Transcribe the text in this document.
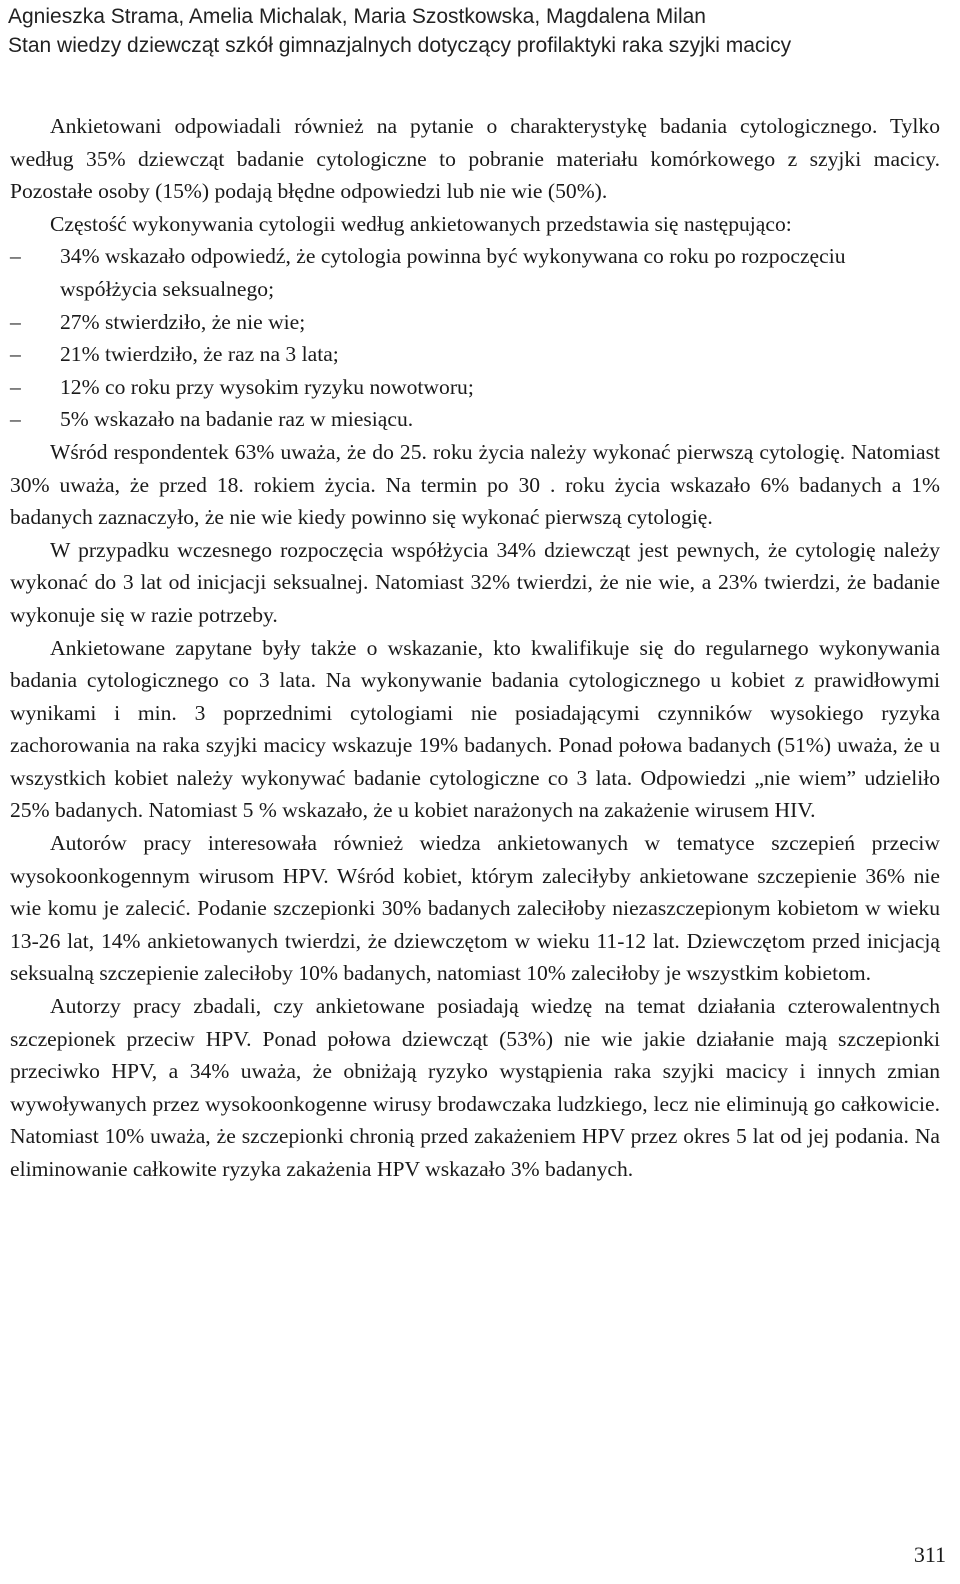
Agnieszka Strama, Amelia Michalak, Maria Szostkowska, Magdalena Milan
Stan wiedzy dziewcząt szkół gimnazjalnych dotyczący profilaktyki raka szyjki macicy

Ankietowani odpowiadali również na pytanie o charakterystykę badania cytologicznego. Tylko według 35% dziewcząt badanie cytologiczne to pobranie materiału komórkowego z szyjki macicy. Pozostałe osoby (15%) podają błędne odpowiedzi lub nie wie (50%).

Częstość wykonywania cytologii według ankietowanych przedstawia się następująco:

–	34% wskazało odpowiedź, że cytologia powinna być wykonywana co roku po rozpoczęciu współżycia seksualnego;
–	27% stwierdziło, że nie wie;
–	21% twierdziło, że raz na 3 lata;
–	12% co roku przy wysokim ryzyku nowotworu;
–	5% wskazało na badanie raz w miesiącu.

Wśród respondentek 63% uważa, że do 25. roku życia należy wykonać pierwszą cytologię. Natomiast 30% uważa, że przed 18. rokiem życia. Na termin po 30 . roku życia wskazało 6% badanych a 1% badanych zaznaczyło, że nie wie kiedy powinno się wykonać pierwszą cytologię.

W przypadku wczesnego rozpoczęcia współżycia 34% dziewcząt jest pewnych, że cytologię należy wykonać do 3 lat od inicjacji seksualnej. Natomiast 32% twierdzi, że nie wie, a 23% twierdzi, że badanie wykonuje się w razie potrzeby.

Ankietowane zapytane były także o wskazanie, kto kwalifikuje się do regularnego wykonywania badania cytologicznego co 3 lata. Na wykonywanie badania cytologicznego u kobiet z prawidłowymi wynikami i min. 3 poprzednimi cytologiami nie posiadającymi czynników wysokiego ryzyka zachorowania na raka szyjki macicy wskazuje 19% badanych. Ponad połowa badanych (51%) uważa, że u wszystkich kobiet należy wykonywać badanie cytologiczne co 3 lata. Odpowiedzi „nie wiem” udzieliło 25% badanych. Natomiast 5 % wskazało, że u kobiet narażonych na zakażenie wirusem HIV.

Autorów pracy interesowała również wiedza ankietowanych w tematyce szczepień przeciw wysokoonkogennym wirusom HPV. Wśród kobiet, którym zaleciłyby ankietowane szczepienie 36% nie wie komu je zalecić. Podanie szczepionki 30% badanych zaleciłoby niezaszczepionym kobietom w wieku 13-26 lat, 14% ankietowanych twierdzi, że dziewczętom w wieku 11-12 lat. Dziewczętom przed inicjacją seksualną szczepienie zaleciłoby 10% badanych, natomiast 10% zaleciłoby je wszystkim kobietom.

Autorzy pracy zbadali, czy ankietowane posiadają wiedzę na temat działania czterowalentnych szczepionek przeciw HPV. Ponad połowa dziewcząt (53%) nie wie jakie działanie mają szczepionki przeciwko HPV, a 34% uważa, że obniżają ryzyko wystąpienia raka szyjki macicy i innych zmian wywoływanych przez wysokoonkogenne wirusy brodawczaka ludzkiego, lecz nie eliminują go całkowicie. Natomiast 10% uważa, że szczepionki chronią przed zakażeniem HPV przez okres 5 lat od jej podania. Na eliminowanie całkowite ryzyka zakażenia HPV wskazało 3% badanych.

311
